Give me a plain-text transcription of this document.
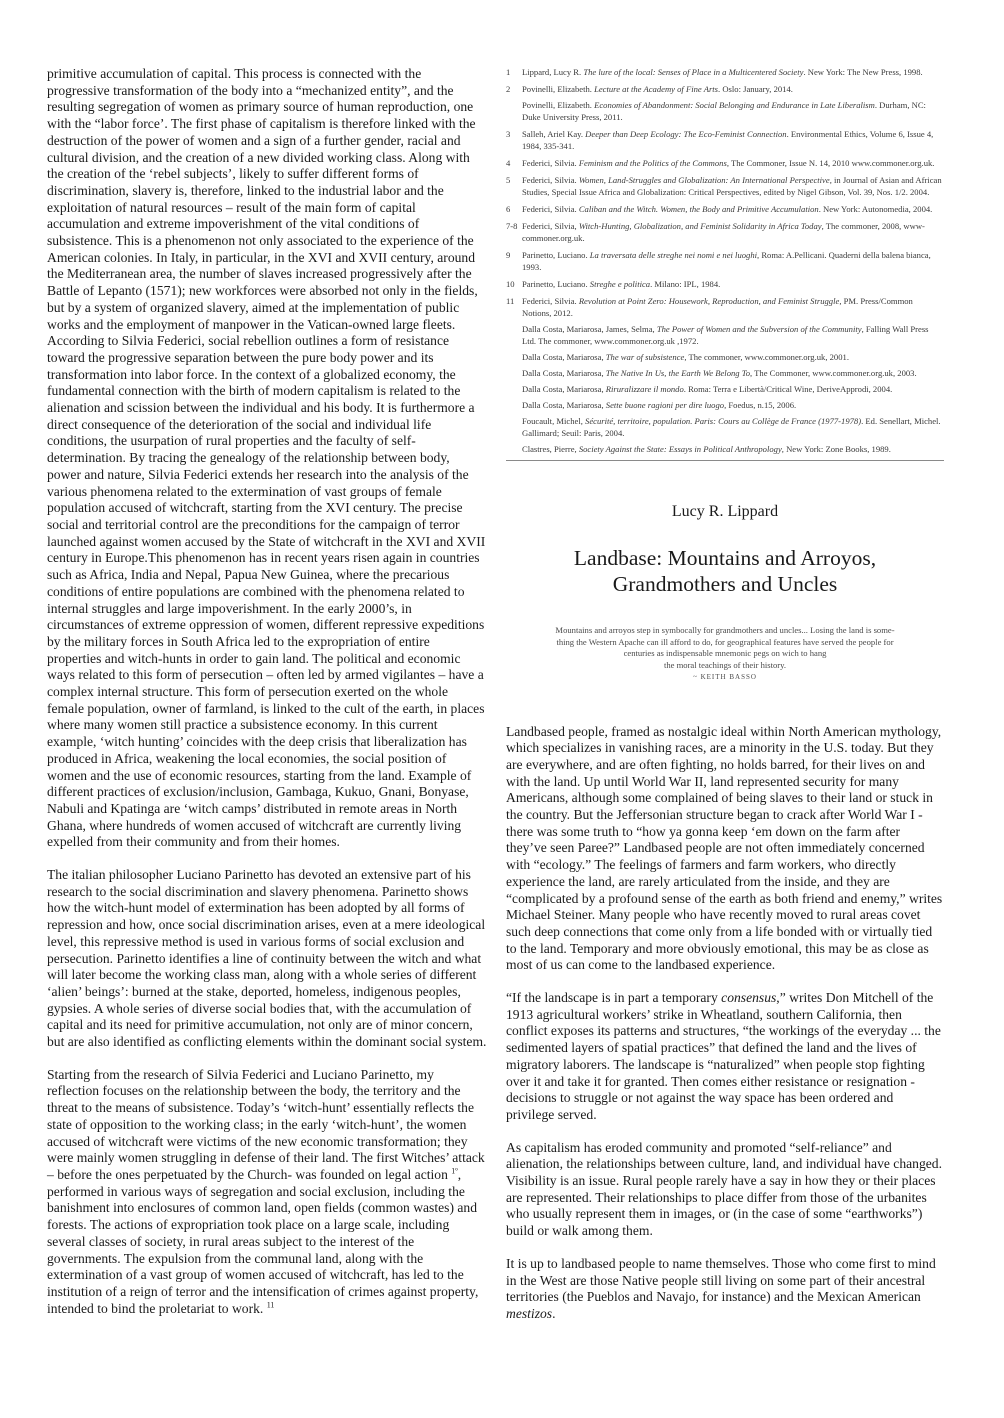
primitive accumulation of capital. This process is connected with the progressive transformation of the body into a “mechanized entity”, and the resulting segregation of women as primary source of human reproduction, one with the “labor force’. The first phase of capitalism is therefore linked with the destruction of the power of women and a sign of a further gender, racial and cultural division, and the creation of a new divided working class. Along with the creation of the ‘rebel subjects’, likely to suffer different forms of discrimination, slavery is, therefore, linked to the industrial labor and the exploitation of natural resources – result of the main form of capital accumulation and extreme impoverishment of the vital conditions of subsistence. This is a phenomenon not only associated to the experience of the American colonies. In Italy, in particular, in the XVI and XVII century, around the Mediterranean area, the number of slaves increased progressively after the Battle of Lepanto (1571); new workforces were absorbed not only in the fields, but by a system of organized slavery, aimed at the implementation of public works and the employment of manpower in the Vatican-owned large fleets. According to Silvia Federici, social rebellion outlines a form of resistance toward the progressive separation between the pure body power and its transformation into labor force. In the context of a globalized economy, the fundamental connection with the birth of modern capitalism is related to the alienation and scission between the individual and his body. It is furthermore a direct consequence of the deterioration of the social and individual life conditions, the usurpation of rural properties and the faculty of self-determination. By tracing the genealogy of the relationship between body, power and nature, Silvia Federici extends her research into the analysis of the various phenomena related to the extermination of vast groups of female population accused of witchcraft, starting from the XVI century. The precise social and territorial control are the preconditions for the campaign of terror launched against women accused by the State of witchcraft in the XVI and XVII century in Europe.This phenomenon has in recent years risen again in countries such as Africa, India and Nepal, Papua New Guinea, where the precarious conditions of entire populations are combined with the phenomena related to internal struggles and large impoverishment. In the early 2000’s, in circumstances of extreme oppression of women, different repressive expeditions by the military forces in South Africa led to the expropriation of entire properties and witch-hunts in order to gain land. The political and economic ways related to this form of persecution – often led by armed vigilantes – have a complex internal structure. This form of persecution exerted on the whole female population, owner of farmland, is linked to the cult of the earth, in places where many women still practice a subsistence economy. In this current example, ‘witch hunting’ coincides with the deep crisis that liberalization has produced in Africa, weakening the local economies, the social position of women and the use of economic resources, starting from the land. Example of different practices of exclusion/inclusion, Gambaga, Kukuo, Gnani, Bonyase, Nabuli and Kpatinga are ‘witch camps’ distributed in remote areas in North Ghana, where hundreds of women accused of witchcraft are currently living expelled from their community and from their homes.

The italian philosopher Luciano Parinetto has devoted an extensive part of his research to the social discrimination and slavery phenomena. Parinetto shows how the witch-hunt model of extermination has been adopted by all forms of repression and how, once social discrimination arises, even at a mere ideological level, this repressive method is used in various forms of social exclusion and persecution. Parinetto identifies a line of continuity between the witch and what will later become the working class man, along with a whole series of different ‘alien’ beings’: burned at the stake, deported, homeless, indigenous peoples, gypsies. A whole series of diverse social bodies that, with the accumulation of capital and its need for primitive accumulation, not only are of minor concern, but are also identified as conflicting elements within the dominant social system.

Starting from the research of Silvia Federici and Luciano Parinetto, my reflection focuses on the relationship between the body, the territory and the threat to the means of subsistence. Today’s ‘witch-hunt’ essentially reflects the state of opposition to the working class; in the early ‘witch-hunt’, the women accused of witchcraft were victims of the new economic transformation; they were mainly women struggling in defense of their land. The first Witches’ attack – before the ones perpetuated by the Church- was founded on legal action $^{1º}$, performed in various ways of segregation and social exclusion, including the banishment into enclosures of common land, open fields (common wastes) and forests. The actions of expropriation took place on a large scale, including several classes of society, in rural areas subject to the interest of the governments. The expulsion from the communal land, along with the extermination of a vast group of women accused of witchcraft, has led to the institution of a reign of terror and the intensification of crimes against property, intended to bind the proletariat to work. $^{11}$

1	Lippard, Lucy R. The lure of the local: Senses of Place in a Multicentered Society. New York: The New Press, 1998.
2	Povinelli, Elizabeth. Lecture at the Academy of Fine Arts. Oslo: January, 2014.
Povinelli, Elizabeth. Economies of Abandonment: Social Belonging and Endurance in Late Liberalism. Durham, NC: Duke University Press, 2011.
3	Salleh, Ariel Kay. Deeper than Deep Ecology: The Eco-Feminist Connection. Environmental Ethics, Volume 6, Issue 4, 1984, 335-341.
4	Federici, Silvia. Feminism and the Politics of the Commons, The Commoner, Issue N. 14, 2010 www.commoner.org.uk.
5	Federici, Silvia. Women, Land-Struggles and Globalization: An International Perspective, in Journal of Asian and African Studies, Special Issue Africa and Globalization: Critical Perspectives, edited by Nigel Gibson, Vol. 39, Nos. 1/2. 2004.
6	Federici, Silvia. Caliban and the Witch. Women, the Body and Primitive Accumulation. New York: Autonomedia, 2004.
7-8 Federici, Silvia, Witch-Hunting, Globalization, and Feminist Solidarity in Africa Today, The commoner, 2008, www-commoner.org.uk.
9	Parinetto, Luciano. La traversata delle streghe nei nomi e nei luoghi, Roma: A.Pellicani. Quaderni della balena bianca, 1993.
10 Parinetto, Luciano. Streghe e politica. Milano: IPL, 1984.
11 Federici, Silvia. Revolution at Point Zero: Housework, Reproduction, and Feminist Struggle, PM. Press/Common Notions, 2012.
Dalla Costa, Mariarosa, James, Selma, The Power of Women and the Subversion of the Community, Falling Wall Press Ltd. The commoner, www.commoner.org.uk ,1972.
Dalla Costa, Mariarosa, The war of subsistence, The commoner, www.commoner.org.uk, 2001.
Dalla Costa, Mariarosa, The Native In Us, the Earth We Belong To, The Commoner, www.commoner.org.uk, 2003.
Dalla Costa, Mariarosa, Riruralizzare il mondo. Roma: Terra e Libertà/Critical Wine, DeriveApprodi, 2004.
Dalla Costa, Mariarosa, Sette buone ragioni per dire luogo, Foedus, n.15, 2006.
Foucault, Michel, Sécurité, territoire, population. Paris: Cours au Collège de France (1977-1978). Ed. Senellart, Michel. Gallimard; Seuil: Paris, 2004.
Clastres, Pierre, Society Against the State: Essays in Political Anthropology, New York: Zone Books, 1989.
Lucy R. Lippard
Landbase: Mountains and Arroyos,
Grandmothers and Uncles
Mountains and arroyos step in symbocally for grandmothers and uncles... Losing the land is some-
thing the Western Apache can ill afford to do, for geographical features have served the people for
centuries as indispensable mnemonic pegs on wich to hang
the moral teachings of their history.
~ KEITH BASSO

Landbased people, framed as nostalgic ideal within North American mythology, which specializes in vanishing races, are a minority in the U.S. today. But they are everywhere, and are often fighting, no holds barred, for their lives on and with the land. Up until World War II, land represented security for many Americans, although some complained of being slaves to their land or stuck in the country. But the Jeffersonian structure began to crack after World War I - there was some truth to “how ya gonna keep ‘em down on the farm after they’ve seen Paree?” Landbased people are not often immediately concerned with “ecology.” The feelings of farmers and farm workers, who directly experience the land, are rarely articulated from the inside, and they are “complicated by a profound sense of the earth as both friend and enemy,” writes Michael Steiner. Many people who have recently moved to rural areas covet such deep connections that come only from a life bonded with or virtually tied to the land. Temporary and more obviously emotional, this may be as close as most of us can come to the landbased experience.

“If the landscape is in part a temporary consensus,” writes Don Mitchell of the 1913 agricultural workers’ strike in Wheatland, southern California, then conflict exposes its patterns and structures, “the workings of the everyday ... the sedimented layers of spatial practices” that defined the land and the lives of migratory laborers. The landscape is “naturalized” when people stop fighting over it and take it for granted. Then comes either resistance or resignation - decisions to struggle or not against the way space has been ordered and privilege served.

As capitalism has eroded community and promoted “self-reliance” and alienation, the relationships between culture, land, and individual have changed. Visibility is an issue. Rural people rarely have a say in how they or their places are represented. Their relationships to place differ from those of the urbanites who usually represent them in images, or (in the case of some “earthworks”) build or walk among them.

It is up to landbased people to name themselves. Those who come first to mind in the West are those Native people still living on some part of their ancestral territories (the Pueblos and Navajo, for instance) and the Mexican American mestizos.
